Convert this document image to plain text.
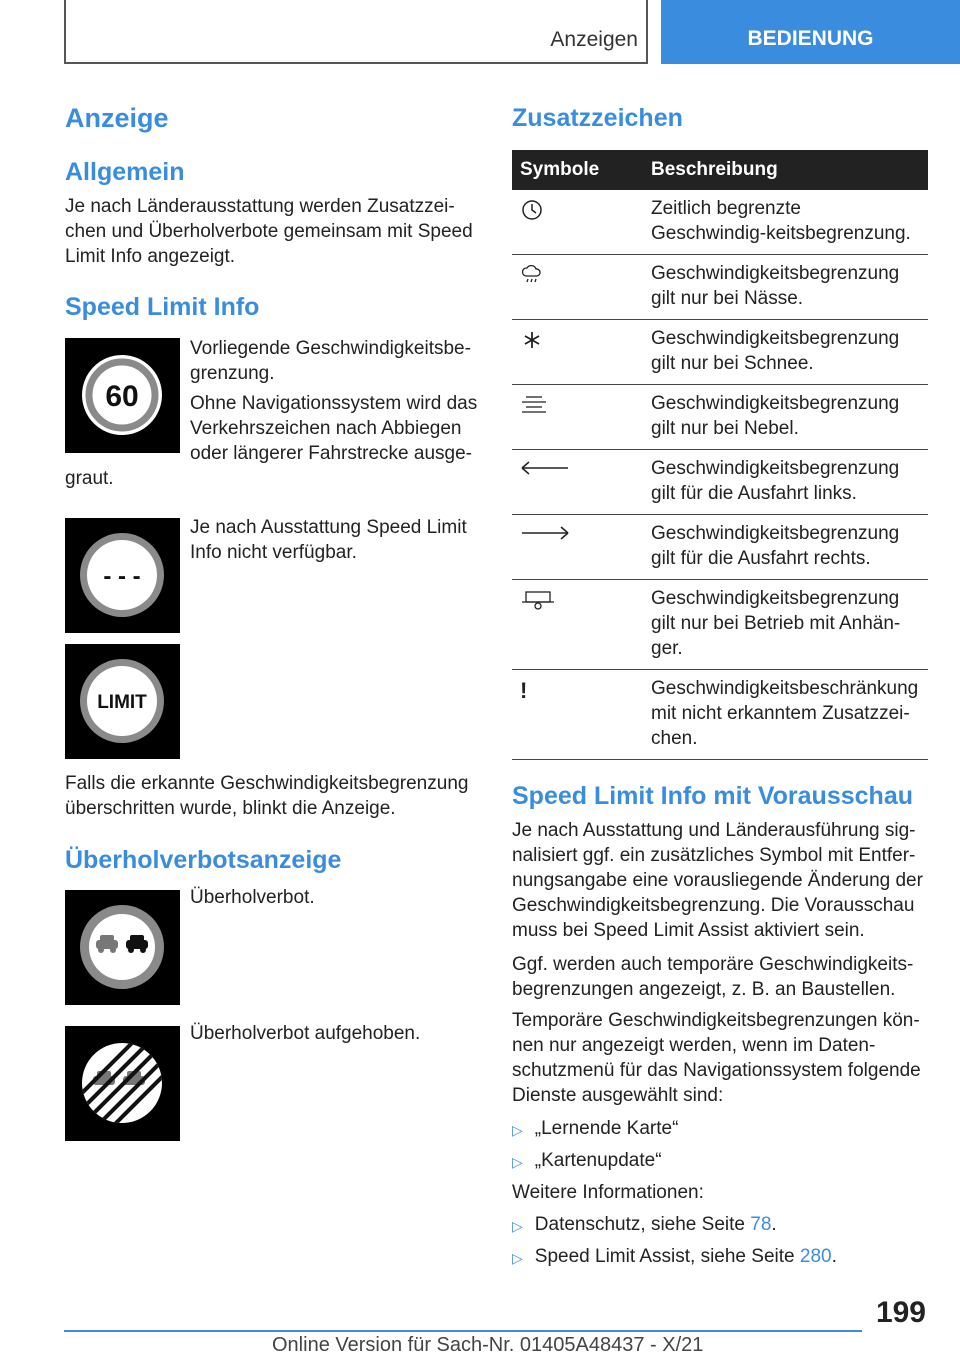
Anzeigen	BEDIENUNG
Anzeige
Allgemein

Je nach Länderausstattung werden Zusatzzei-chen und Überholverbote gemeinsam mit Speed Limit Info angezeigt.

Speed Limit Info
60

Vorliegende Geschwindigkeitsbe-grenzung.

Ohne Navigationssystem wird das

Verkehrszeichen nach Abbiegen

oder längerer Fahrstrecke ausge-

graut.

- - -

Je nach Ausstattung Speed Limit Info nicht verfügbar.

LIMIT

Falls die erkannte Geschwindigkeitsbegrenzung überschritten wurde, blinkt die Anzeige.

Überholverbotsanzeige

Überholverbot.

Überholverbot aufgehoben.

Zusatzzeichen
Symbole	Beschreibung
	Zeitlich begrenzte Geschwindig-keitsbegrenzung.
	Geschwindigkeitsbegrenzung gilt nur bei Nässe.
	Geschwindigkeitsbegrenzung gilt nur bei Schnee.
	Geschwindigkeitsbegrenzung gilt nur bei Nebel.
	Geschwindigkeitsbegrenzung gilt für die Ausfahrt links.
	Geschwindigkeitsbegrenzung gilt für die Ausfahrt rechts.
	Geschwindigkeitsbegrenzung gilt nur bei Betrieb mit Anhän-ger.
!	Geschwindigkeitsbeschränkung mit nicht erkanntem Zusatzzei-chen.
Speed Limit Info mit Vorausschau

Je nach Ausstattung und Länderausführung sig-nalisiert ggf. ein zusätzliches Symbol mit Entfer-nungsangabe eine vorausliegende Änderung der Geschwindigkeitsbegrenzung. Die Vorausschau muss bei Speed Limit Assist aktiviert sein.

Ggf. werden auch temporäre Geschwindigkeits-begrenzungen angezeigt, z. B. an Baustellen.

Temporäre Geschwindigkeitsbegrenzungen kön-nen nur angezeigt werden, wenn im Daten-schutzmenü für das Navigationssystem folgende Dienste ausgewählt sind:

▷ „Lernende Karte“
▷ „Kartenupdate“

Weitere Informationen:

▷ Datenschutz, siehe Seite 78.
▷ Speed Limit Assist, siehe Seite 280.
199
Online Version für Sach-Nr. 01405A48437 - X/21
